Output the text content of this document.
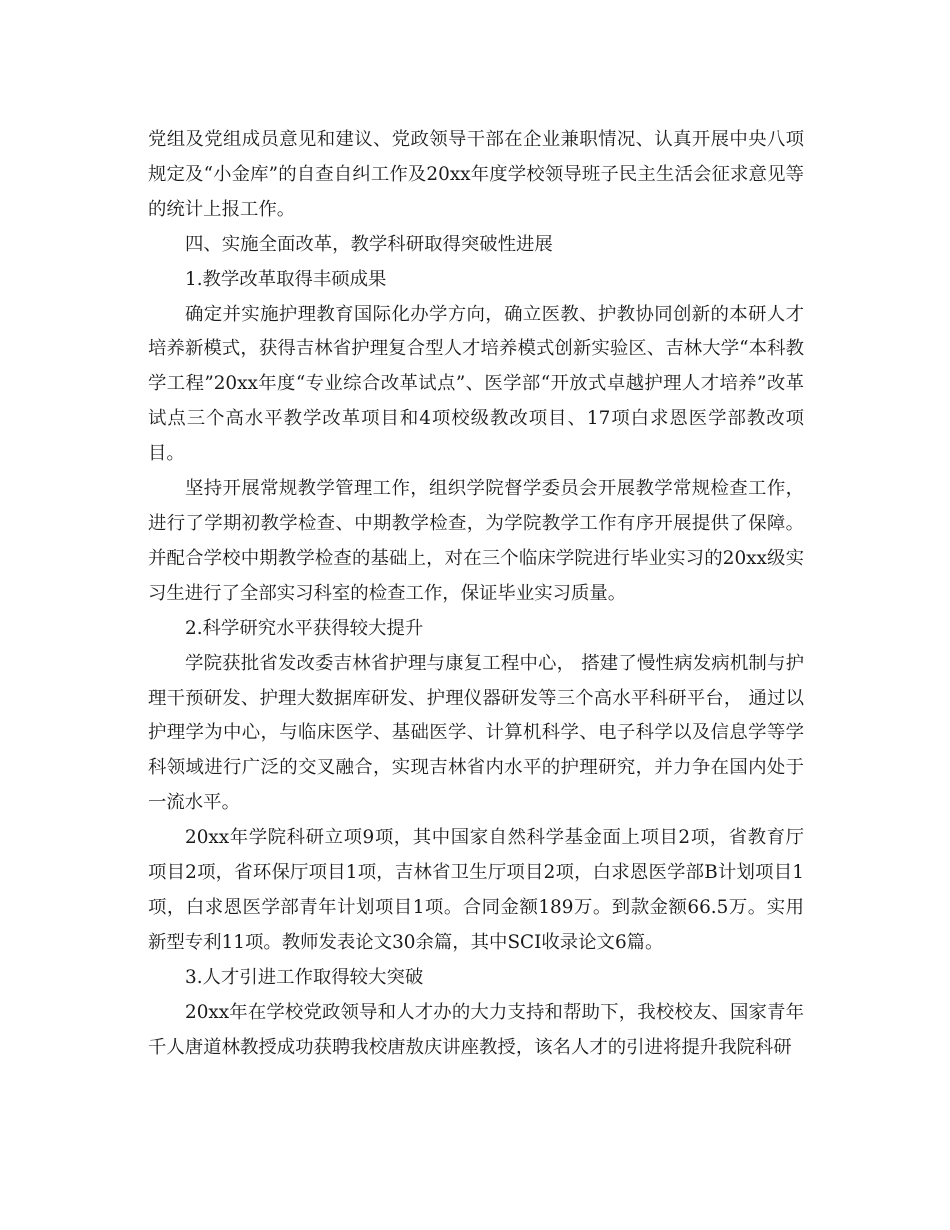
党组及党组成员意见和建议、党政领导干部在企业兼职情况、认真开展中央八项规定及“小金库”的自查自纠工作及20xx年度学校领导班子民主生活会征求意见等的统计上报工作。

四、实施全面改革，教学科研取得突破性进展

1.教学改革取得丰硕成果

确定并实施护理教育国际化办学方向，确立医教、护教协同创新的本研人才培养新模式，获得吉林省护理复合型人才培养模式创新实验区、吉林大学“本科教学工程”20xx年度“专业综合改革试点”、医学部“开放式卓越护理人才培养”改革试点三个高水平教学改革项目和4项校级教改项目、17项白求恩医学部教改项目。

坚持开展常规教学管理工作，组织学院督学委员会开展教学常规检查工作，进行了学期初教学检查、中期教学检查，为学院教学工作有序开展提供了保障。并配合学校中期教学检查的基础上，对在三个临床学院进行毕业实习的20xx级实习生进行了全部实习科室的检查工作，保证毕业实习质量。

2.科学研究水平获得较大提升

学院获批省发改委吉林省护理与康复工程中心， 搭建了慢性病发病机制与护理干预研发、护理大数据库研发、护理仪器研发等三个高水平科研平台， 通过以护理学为中心，与临床医学、基础医学、计算机科学、电子科学以及信息学等学科领域进行广泛的交叉融合，实现吉林省内水平的护理研究，并力争在国内处于一流水平。

20xx年学院科研立项9项，其中国家自然科学基金面上项目2项，省教育厅项目2项，省环保厅项目1项，吉林省卫生厅项目2项，白求恩医学部B计划项目1项，白求恩医学部青年计划项目1项。合同金额189万。到款金额66.5万。实用新型专利11项。教师发表论文30余篇，其中SCI收录论文6篇。

3.人才引进工作取得较大突破

20xx年在学校党政领导和人才办的大力支持和帮助下，我校校友、国家青年千人唐道林教授成功获聘我校唐敖庆讲座教授，该名人才的引进将提升我院科研
